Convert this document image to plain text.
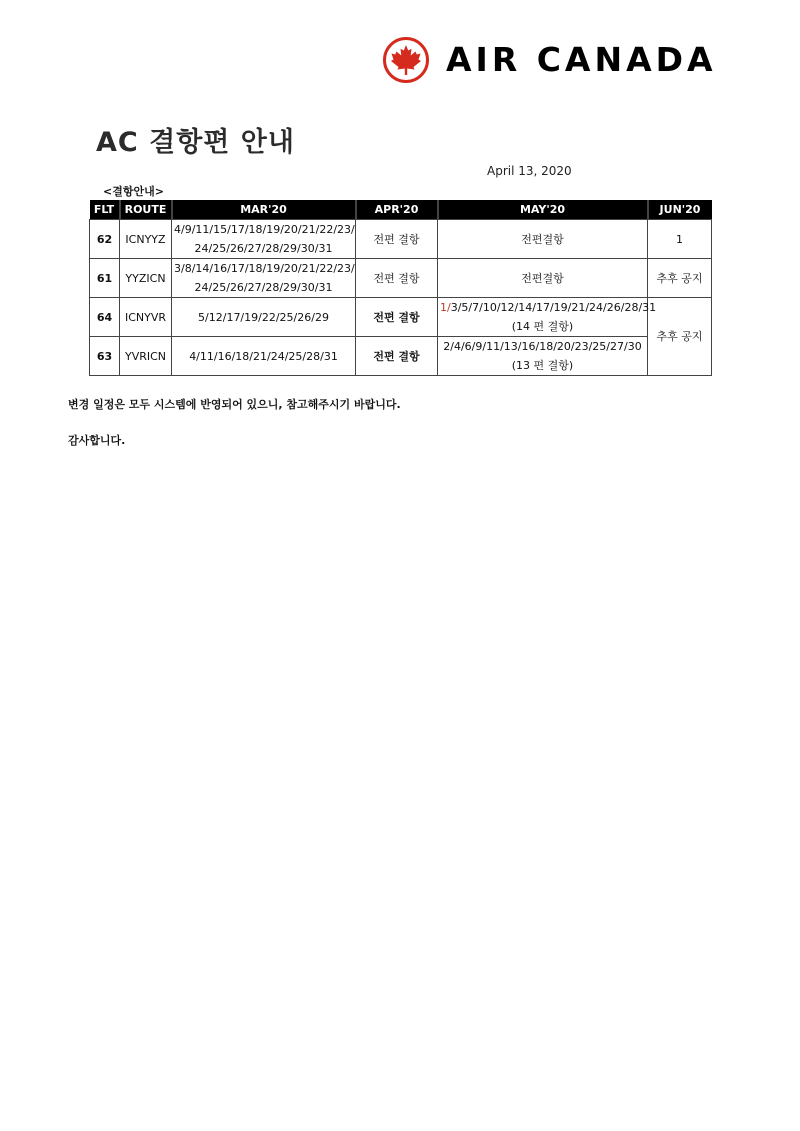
AIR CANADA
AC 결항편 안내
April 13, 2020
<결항안내>
FLT	ROUTE	MAR'20	APR'20	MAY'20	JUN'20
62	ICNYYZ	4/9/11/15/17/18/19/20/21/22/23/
24/25/26/27/28/29/30/31	전편 결항	전편결항	1
61	YYZICN	3/8/14/16/17/18/19/20/21/22/23/
24/25/26/27/28/29/30/31	전편 결항	전편결항	추후 공지
64	ICNYVR	5/12/17/19/22/25/26/29	전편 결항	1/3/5/7/10/12/14/17/19/21/24/26/28/31
(14 편 결항)	추후 공지
63	YVRICN	4/11/16/18/21/24/25/28/31	전편 결항	2/4/6/9/11/13/16/18/20/23/25/27/30
(13 편 결항)	
변경 일정은 모두 시스템에 반영되어 있으니, 참고해주시기 바랍니다.
감사합니다.
